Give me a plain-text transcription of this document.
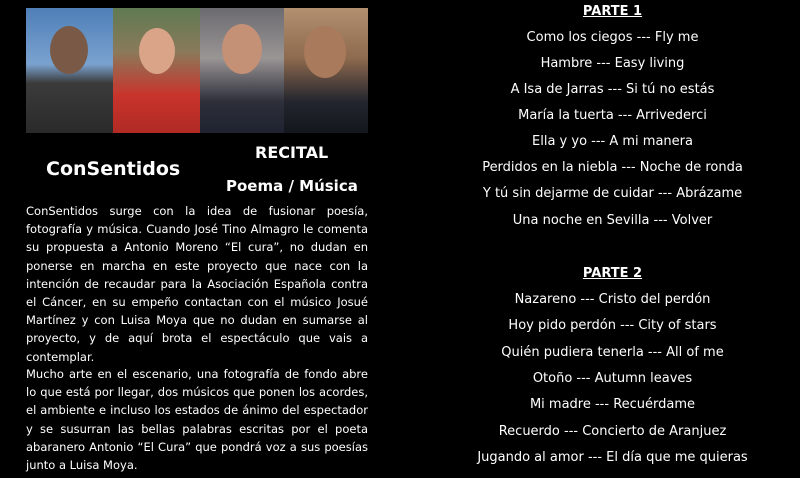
ConSentidos
RECITAL
Poema / Música

ConSentidos surge con la idea de fusionar poesía, fotografía y música. Cuando José Tino Almagro le comenta su propuesta a Antonio Moreno “El cura”, no dudan en ponerse en marcha en este proyecto que nace con la intención de recaudar para la Asociación Española contra el Cáncer, en su empeño contactan con el músico Josué Martínez y con Luisa Moya que no dudan en sumarse al proyecto, y de aquí brota el espectáculo que vais a contemplar.

Mucho arte en el escenario, una fotografía de fondo abre lo que está por llegar, dos músicos que ponen los acordes, el ambiente e incluso los estados de ánimo del espectador y se susurran las bellas palabras escritas por el poeta abaranero Antonio “El Cura” que pondrá voz a sus poesías junto a Luisa Moya.

PARTE 1
Como los ciegos --- Fly me
Hambre --- Easy living
A Isa de Jarras --- Si tú no estás
María la tuerta --- Arrivederci
Ella y yo --- A mi manera
Perdidos en la niebla --- Noche de ronda
Y tú sin dejarme de cuidar --- Abrázame
Una noche en Sevilla --- Volver
PARTE 2
Nazareno --- Cristo del perdón
Hoy pido perdón --- City of stars
Quién pudiera tenerla --- All of me
Otoño --- Autumn leaves
Mi madre --- Recuérdame
Recuerdo --- Concierto de Aranjuez
Jugando al amor --- El día que me quieras
